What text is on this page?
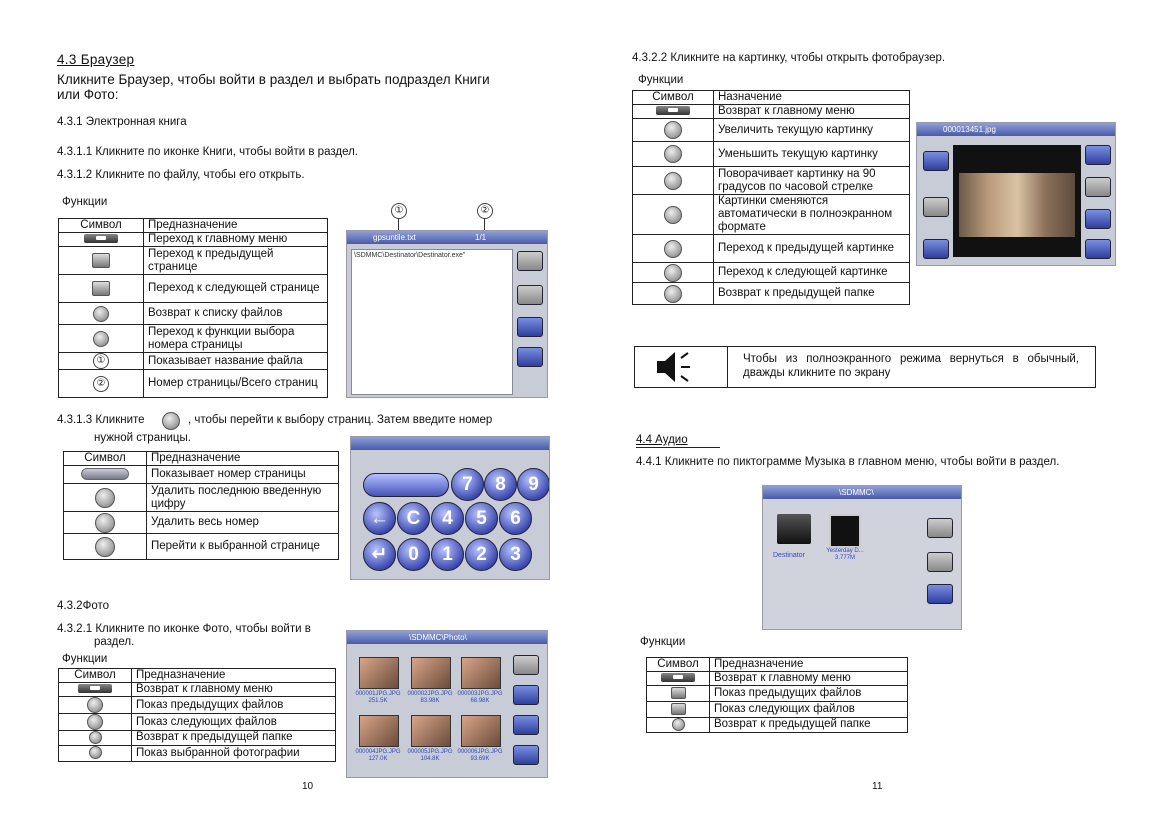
4.3 Браузер
Кликните Браузер, чтобы войти в раздел и выбрать подраздел Книги
или Фото:
4.3.1 Электронная книга
4.3.1.1 Кликните по иконке Книги, чтобы войти в раздел.
4.3.1.2 Кликните по файлу, чтобы его открыть.
Функции
Символ	Предназначение
	Переход к главному меню
	Переход к предыдущей странице
	Переход к следующей странице
	Возврат к списку файлов
	Переход к функции выбора номера страницы
①	Показывает название файла
②	Номер страницы/Всего страниц
①	②
gpsuntile.txt	1/1
\SDMMC\Destinator\Destinator.exe"
4.3.1.3 Кликните	, чтобы перейти к выбору страниц. Затем введите номер
нужной страницы.
Символ	Предназначение
	Показывает номер страницы
	Удалить последнюю введенную цифру
	Удалить весь номер
	Перейти к выбранной странице
7	8	9
← C	4	5	6
↵	0	1	2	3
4.3.2Фото
4.3.2.1 Кликните по иконке Фото, чтобы войти в
раздел.
Функции
Символ	Предназначение
	Возврат к главному меню
	Показ предыдущих файлов
	Показ следующих файлов
	Возврат к предыдущей папке
	Показ выбранной фотографии
\SDMMC\Photo\
000001JPG.JPG
251.5K
000002JPG.JPG
83.98K
000003JPG.JPG
68.98K
000004JPG.JPG
127.0K
000005JPG.JPG
104.8K
000006JPG.JPG
93.69K
10
4.3.2.2 Кликните на картинку, чтобы открыть фотобраузер.
Функции
Символ	Назначение
	Возврат к главному меню
	Увеличить текущую картинку
	Уменьшить текущую картинку
	Поворачивает картинку на 90 градусов по часовой стрелке
	Картинки сменяются автоматически в полноэкранном формате
	Переход к предыдущей картинке
	Переход к следующей картинке
	Возврат к предыдущей папке
000013451.jpg
Чтобы из полноэкранного режима вернуться в обычный, дважды кликните по экрану
4.4 Аудио
4.4.1 Кликните по пиктограмме Музыка в главном меню, чтобы войти в раздел.
\SDMMC\
Destinator
Yesterday D...
3.777M
Функции
Символ	Предназначение
	Возврат к главному меню
	Показ предыдущих файлов
	Показ следующих файлов
	Возврат к предыдущей папке
11
